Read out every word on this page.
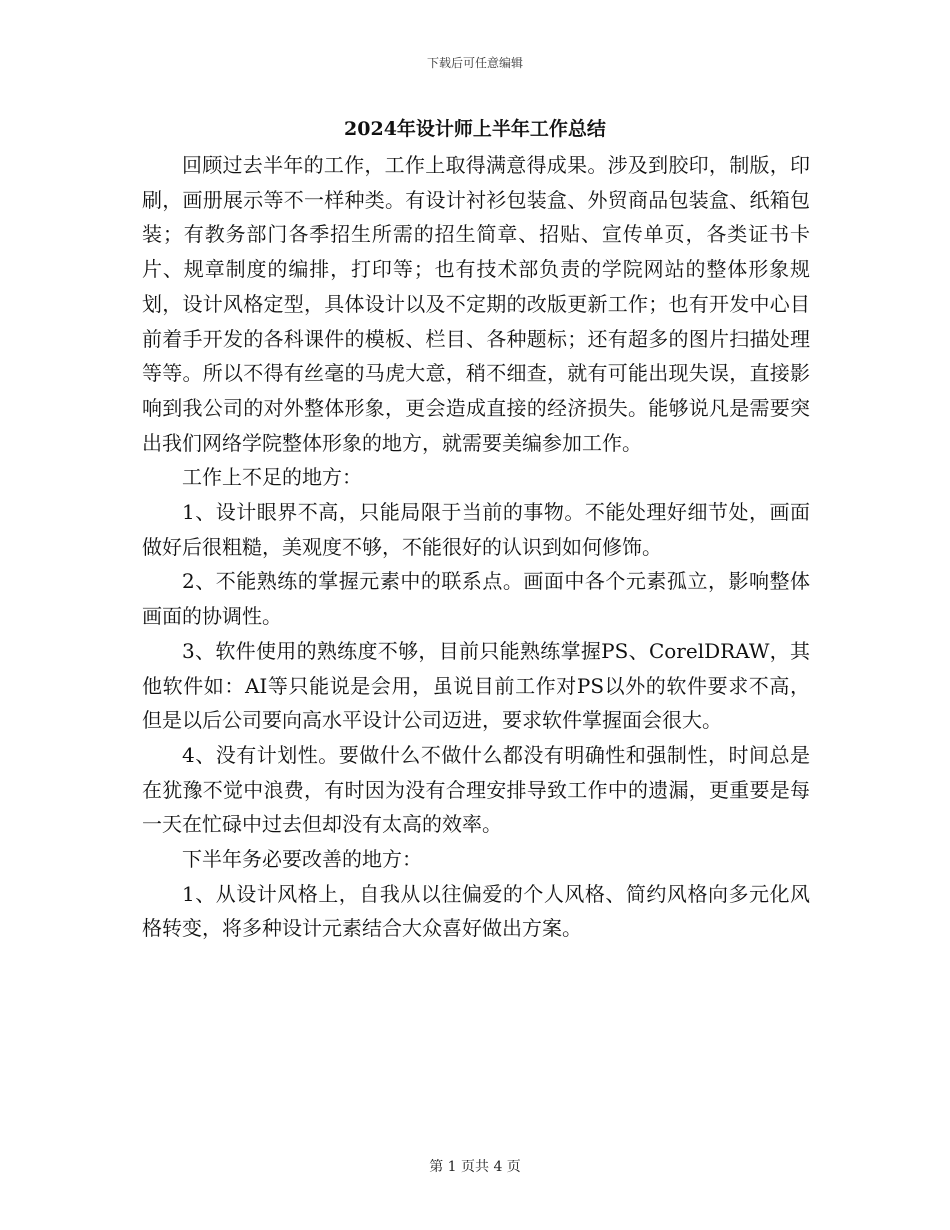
下载后可任意编辑
2024年设计师上半年工作总结

回顾过去半年的工作，工作上取得满意得成果。涉及到胶印，制版，印刷，画册展示等不一样种类。有设计衬衫包装盒、外贸商品包装盒、纸箱包装；有教务部门各季招生所需的招生简章、招贴、宣传单页，各类证书卡片、规章制度的编排，打印等；也有技术部负责的学院网站的整体形象规划，设计风格定型，具体设计以及不定期的改版更新工作；也有开发中心目前着手开发的各科课件的模板、栏目、各种题标；还有超多的图片扫描处理等等。所以不得有丝毫的马虎大意，稍不细查，就有可能出现失误，直接影响到我公司的对外整体形象，更会造成直接的经济损失。能够说凡是需要突出我们网络学院整体形象的地方，就需要美编参加工作。

工作上不足的地方：

1、设计眼界不高，只能局限于当前的事物。不能处理好细节处，画面做好后很粗糙，美观度不够，不能很好的认识到如何修饰。

2、不能熟练的掌握元素中的联系点。画面中各个元素孤立，影响整体画面的协调性。

3、软件使用的熟练度不够，目前只能熟练掌握PS、CorelDRAW，其他软件如：AI等只能说是会用，虽说目前工作对PS以外的软件要求不高，但是以后公司要向高水平设计公司迈进，要求软件掌握面会很大。

4、没有计划性。要做什么不做什么都没有明确性和强制性，时间总是在犹豫不觉中浪费，有时因为没有合理安排导致工作中的遗漏，更重要是每一天在忙碌中过去但却没有太高的效率。

下半年务必要改善的地方：

1、从设计风格上，自我从以往偏爱的个人风格、简约风格向多元化风格转变，将多种设计元素结合大众喜好做出方案。

第 1 页共 4 页
